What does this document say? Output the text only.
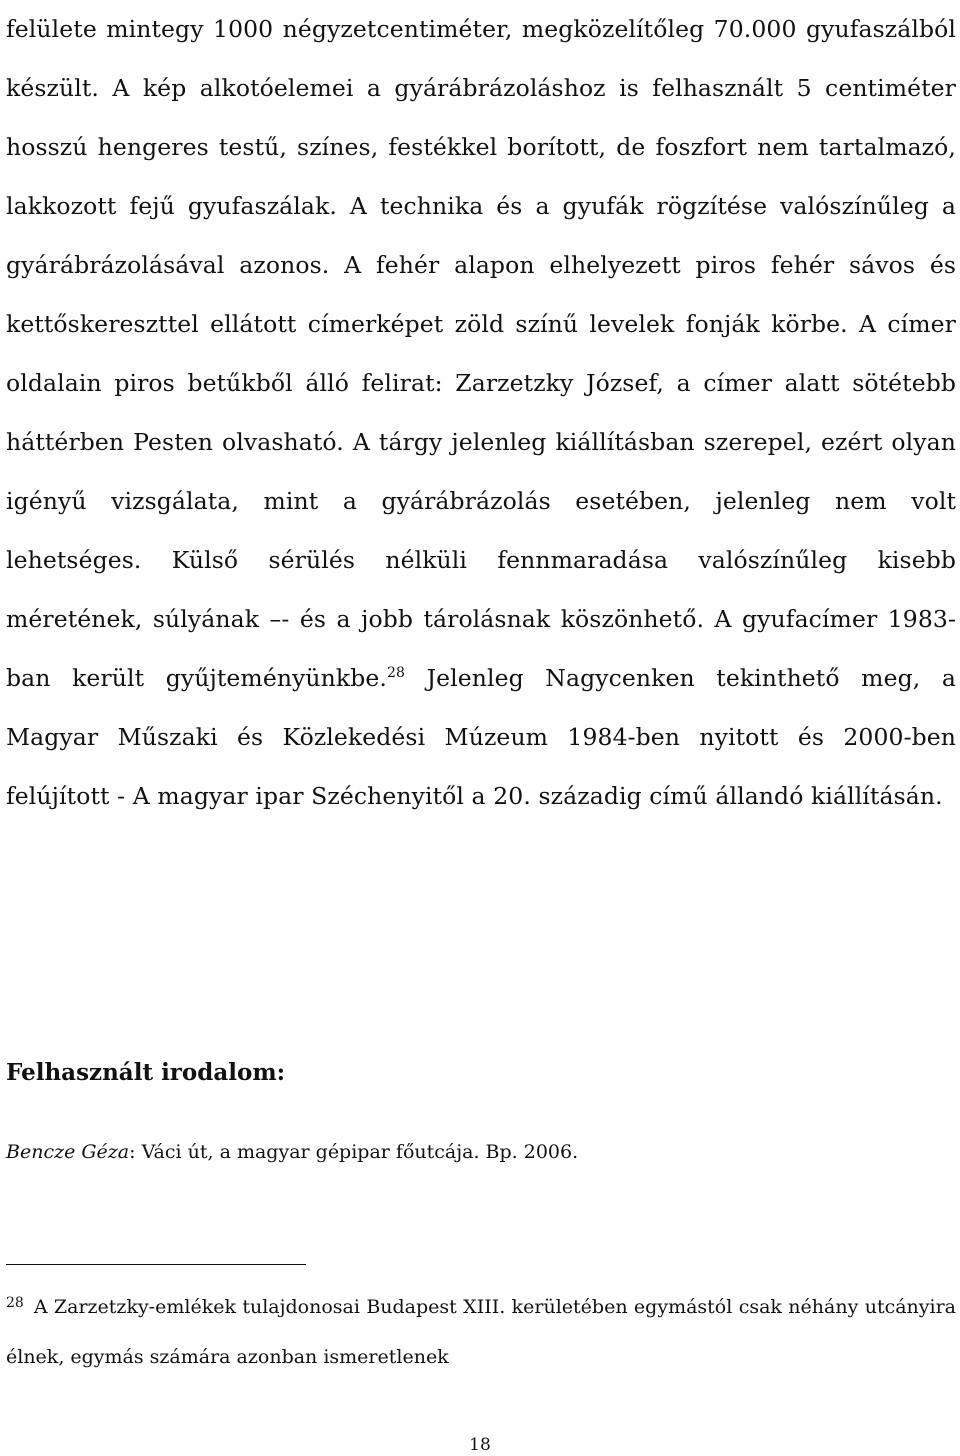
felülete mintegy 1000 négyzetcentiméter, megközelítőleg 70.000 gyufaszálból készült. A kép alkotóelemei a gyárábrázoláshoz is felhasznált 5 centiméter hosszú hengeres testű, színes, festékkel borított, de foszfort nem tartalmazó, lakkozott fejű gyufaszálak. A technika és a gyufák rögzítése valószínűleg a gyárábrázolásával azonos. A fehér alapon elhelyezett piros fehér sávos és kettőskereszttel ellátott címerképet zöld színű levelek fonják körbe. A címer oldalain piros betűkből álló felirat: Zarzetzky József, a címer alatt sötétebb háttérben Pesten olvasható. A tárgy jelenleg kiállításban szerepel, ezért olyan igényű vizsgálata, mint a gyárábrázolás esetében, jelenleg nem volt lehetséges. Külső sérülés nélküli fennmaradása valószínűleg kisebb méretének, súlyának –- és a jobb tárolásnak köszönhető. A gyufacímer 1983-ban került gyűjteményünkbe.$^{28}$ Jelenleg Nagycenken tekinthető meg, a Magyar Műszaki és Közlekedési Múzeum 1984-ben nyitott és 2000-ben felújított - A magyar ipar Széchenyitől a 20. századig című állandó kiállításán.

Felhasznált irodalom:

Bencze Géza: Váci út, a magyar gépipar főutcája. Bp. 2006.

$^{28}$ A Zarzetzky-emlékek tulajdonosai Budapest XIII. kerületében egymástól csak néhány utcányira élnek, egymás számára azonban ismeretlenek

18
